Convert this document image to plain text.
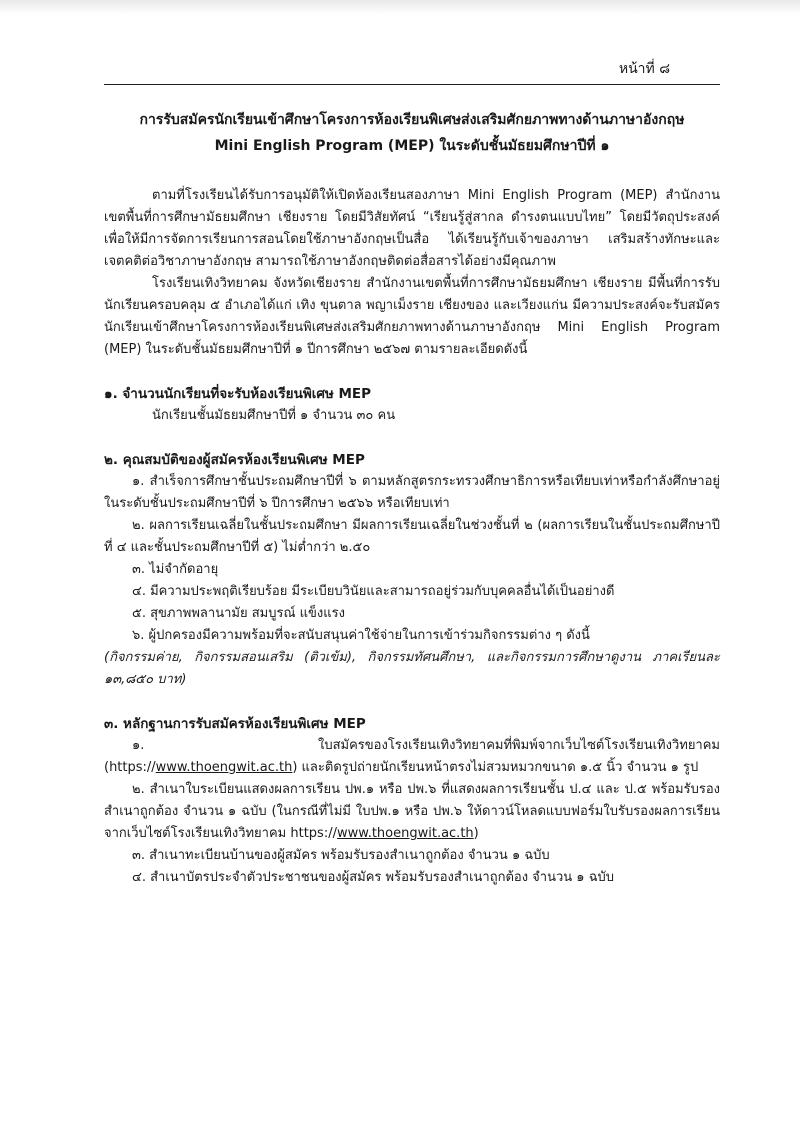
หน้าที่ ๘
การรับสมัครนักเรียนเข้าศึกษาโครงการห้องเรียนพิเศษส่งเสริมศักยภาพทางด้านภาษาอังกฤษ
Mini English Program (MEP) ในระดับชั้นมัธยมศึกษาปีที่ ๑

ตามที่โรงเรียนได้รับการอนุมัติให้เปิดห้องเรียนสองภาษา Mini English Program (MEP) สำนักงานเขตพื้นที่การศึกษามัธยมศึกษา เชียงราย โดยมีวิสัยทัศน์ “เรียนรู้สู่สากล ดำรงตนแบบไทย” โดยมีวัตถุประสงค์เพื่อให้มีการจัดการเรียนการสอนโดยใช้ภาษาอังกฤษเป็นสื่อ ได้เรียนรู้กับเจ้าของภาษา เสริมสร้างทักษะและเจตคติต่อวิชาภาษาอังกฤษ สามารถใช้ภาษาอังกฤษติดต่อสื่อสารได้อย่างมีคุณภาพ

โรงเรียนเทิงวิทยาคม จังหวัดเชียงราย สำนักงานเขตพื้นที่การศึกษามัธยมศึกษา เชียงราย มีพื้นที่การรับนักเรียนครอบคลุม ๕ อำเภอได้แก่ เทิง ขุนตาล พญาเม็งราย เชียงของ และเวียงแก่น มีความประสงค์จะรับสมัครนักเรียนเข้าศึกษาโครงการห้องเรียนพิเศษส่งเสริมศักยภาพทางด้านภาษาอังกฤษ Mini English Program (MEP) ในระดับชั้นมัธยมศึกษาปีที่ ๑ ปีการศึกษา ๒๕๖๗ ตามรายละเอียดดังนี้

๑. จำนวนนักเรียนที่จะรับห้องเรียนพิเศษ MEP

นักเรียนชั้นมัธยมศึกษาปีที่ ๑ จำนวน ๓๐ คน

๒. คุณสมบัติของผู้สมัครห้องเรียนพิเศษ MEP

๑. สำเร็จการศึกษาชั้นประถมศึกษาปีที่ ๖ ตามหลักสูตรกระทรวงศึกษาธิการหรือเทียบเท่าหรือกำลังศึกษาอยู่ในระดับชั้นประถมศึกษาปีที่ ๖ ปีการศึกษา ๒๕๖๖ หรือเทียบเท่า

๒. ผลการเรียนเฉลี่ยในชั้นประถมศึกษา มีผลการเรียนเฉลี่ยในช่วงชั้นที่ ๒ (ผลการเรียนในชั้นประถมศึกษาปีที่ ๔ และชั้นประถมศึกษาปีที่ ๕) ไม่ต่ำกว่า ๒.๕๐

๓. ไม่จำกัดอายุ

๔. มีความประพฤติเรียบร้อย มีระเบียบวินัยและสามารถอยู่ร่วมกับบุคคลอื่นได้เป็นอย่างดี

๕. สุขภาพพลานามัย สมบูรณ์ แข็งแรง

๖. ผู้ปกครองมีความพร้อมที่จะสนับสนุนค่าใช้จ่ายในการเข้าร่วมกิจกรรมต่าง ๆ ดังนี้

(กิจกรรมค่าย, กิจกรรมสอนเสริม (ติวเข้ม), กิจกรรมทัศนศึกษา, และกิจกรรมการศึกษาดูงาน ภาคเรียนละ ๑๓,๘๕๐ บาท)

๓. หลักฐานการรับสมัครห้องเรียนพิเศษ MEP

๑. ใบสมัครของโรงเรียนเทิงวิทยาคมที่พิมพ์จากเว็บไซต์โรงเรียนเทิงวิทยาคม (https://www.thoengwit.ac.th) และติดรูปถ่ายนักเรียนหน้าตรงไม่สวมหมวกขนาด ๑.๕ นิ้ว จำนวน ๑ รูป

๒. สำเนาใบระเบียนแสดงผลการเรียน ปพ.๑ หรือ ปพ.๖ ที่แสดงผลการเรียนชั้น ป.๔ และ ป.๕ พร้อมรับรองสำเนาถูกต้อง จำนวน ๑ ฉบับ (ในกรณีที่ไม่มี ใบปพ.๑ หรือ ปพ.๖ ให้ดาวน์โหลดแบบฟอร์มใบรับรองผลการเรียนจากเว็บไซต์โรงเรียนเทิงวิทยาคม https://www.thoengwit.ac.th)

๓. สำเนาทะเบียนบ้านของผู้สมัคร พร้อมรับรองสำเนาถูกต้อง จำนวน ๑ ฉบับ

๔. สำเนาบัตรประจำตัวประชาชนของผู้สมัคร พร้อมรับรองสำเนาถูกต้อง จำนวน ๑ ฉบับ
